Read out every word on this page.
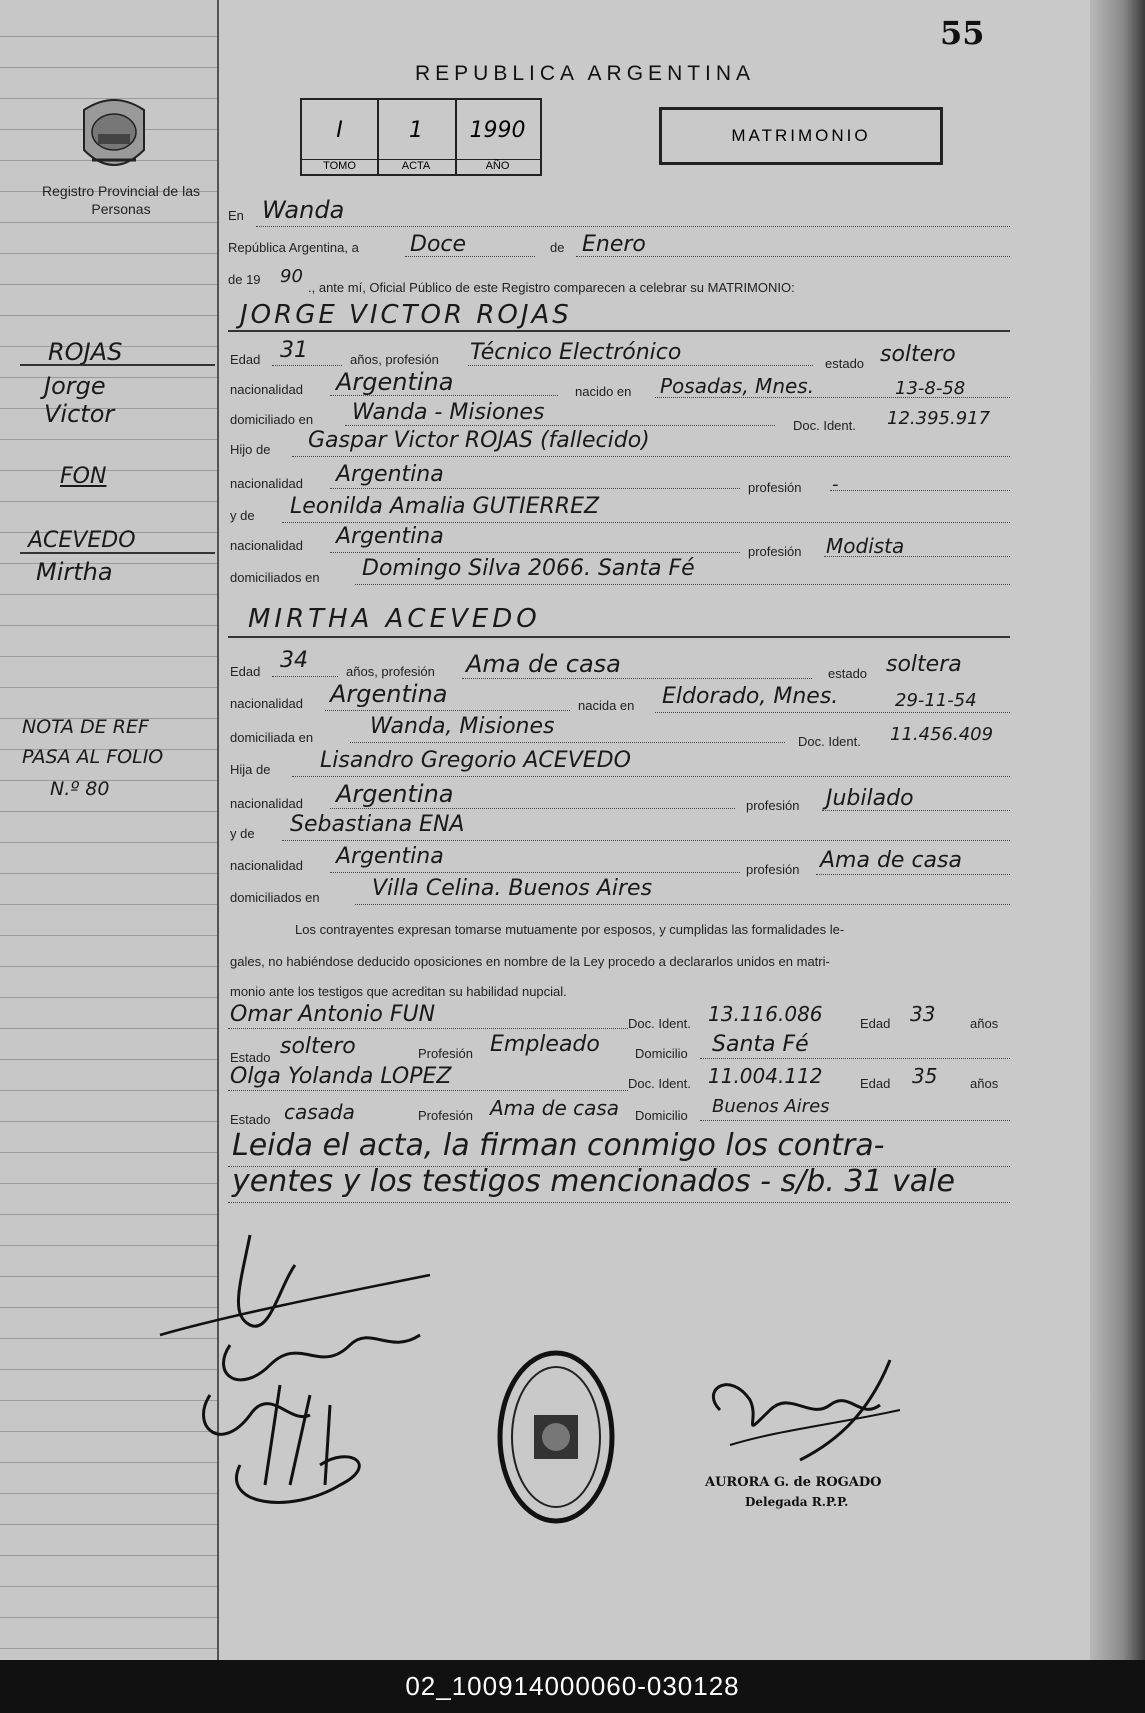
55
REPUBLICA ARGENTINA
Registro Provincial de las Personas
I
TOMO
1
ACTA
1990
AÑO
MATRIMONIO
ROJAS
Jorge
Victor
FON
ACEVEDO
Mirtha
NOTA DE REF
PASA AL FOLIO
N.º 80
En Wanda
República Argentina, a Doce	de Enero
de 19 90
., ante mí, Oficial Público de este Registro comparecen a celebrar su MATRIMONIO:
JORGE VICTOR ROJAS
Edad 31	años, profesión Técnico Electrónico	estado soltero
nacionalidad Argentina	nacido en Posadas, Mnes.	13-8-58
domiciliado en Wanda - Misiones
Doc. Ident. 12.395.917
Hijo de Gaspar Victor ROJAS (fallecido)
nacionalidad Argentina
profesión -
y de Leonilda Amalia GUTIERREZ
nacionalidad Argentina
profesión Modista
domiciliados en Domingo Silva 2066. Santa Fé
MIRTHA ACEVEDO
Edad 34	años, profesión Ama de casa	estado soltera
nacionalidad Argentina	nacida en Eldorado, Mnes.	29-11-54
domiciliada en	Wanda, Misiones
Doc. Ident. 11.456.409
Hija de Lisandro Gregorio ACEVEDO
nacionalidad Argentina	profesión Jubilado
y de Sebastiana ENA
nacionalidad Argentina
profesión Ama de casa
domiciliados en Villa Celina. Buenos Aires
Los contrayentes expresan tomarse mutuamente por esposos, y cumplidas las formalidades le-
gales, no habiéndose deducido oposiciones en nombre de la Ley procedo a declararlos unidos en matri-
monio ante los testigos que acreditan su habilidad nupcial.
Omar Antonio FUN	Doc. Ident. 13.116.086	Edad 33	años
Estado soltero	Profesión Empleado	Domicilio Santa Fé
Olga Yolanda LOPEZ	Doc. Ident. 11.004.112	Edad 35	años
Estado casada	Profesión Ama de casa Domicilio Buenos Aires
Leida el acta, la firman conmigo los contra-
yentes y los testigos mencionados - s/b. 31 vale
AURORA G. de ROGADO
Delegada R.P.P.
02_100914000060-030128
